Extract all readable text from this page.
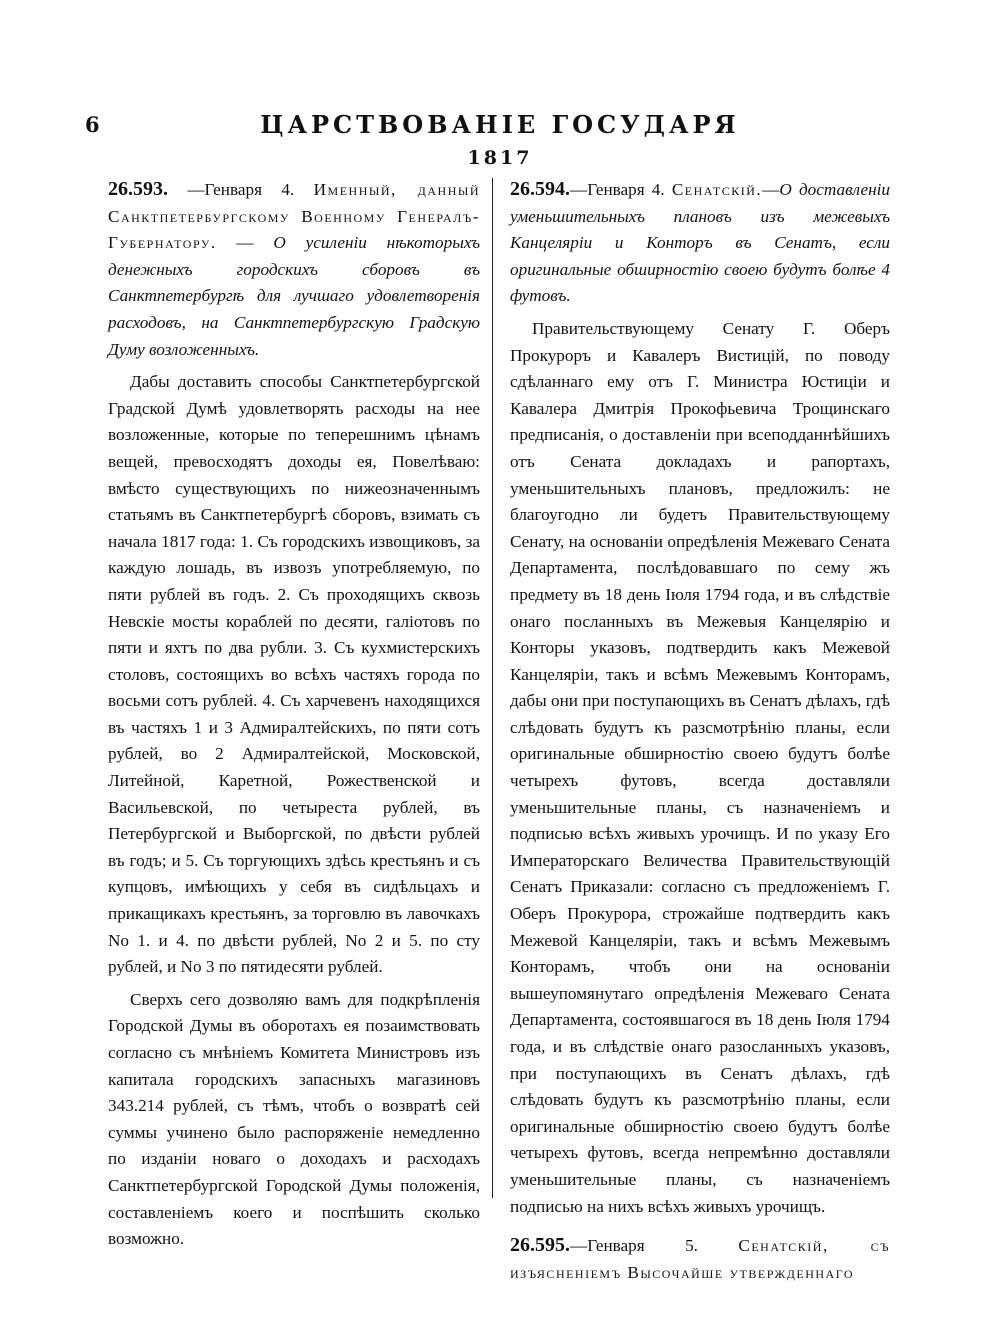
6	ЦАРСТВОВАНІЕ ГОСУДАРЯ
1817

26.593. —Генваря 4. Именный, данный Санктпетербургскому Военному Генералъ-Губернатору. — О усиленіи нѣкоторыхъ денежныхъ городскихъ сборовъ въ Санктпетербургѣ для лучшаго удовлетворенія расходовъ, на Санктпетербургскую Градскую Думу возложенныхъ.

Дабы доставить способы Санктпетербургской Градской Думѣ удовлетворять расходы на нее возложенные, которые по теперешнимъ цѣнамъ вещей, превосходятъ доходы ея, Повелѣваю: вмѣсто существующихъ по нижеозначеннымъ статьямъ въ Санктпетербургѣ сборовъ, взимать съ начала 1817 года: 1. Съ городскихъ извощиковъ, за каждую лошадь, въ извозъ употребляемую, по пяти рублей въ годъ. 2. Съ проходящихъ сквозь Невскіе мосты кораблей по десяти, галіотовъ по пяти и яхтъ по два рубли. 3. Съ кухмистерскихъ столовъ, состоящихъ во всѣхъ частяхъ города по восьми сотъ рублей. 4. Съ харчевенъ находящихся въ частяхъ 1 и 3 Адмиралтейскихъ, по пяти сотъ рублей, во 2 Адмиралтейской, Московской, Литейной, Каретной, Рожественской и Васильевской, по четыреста рублей, въ Петербургской и Выборгской, по двѣсти рублей въ годъ; и 5. Съ торгующихъ здѣсь крестьянъ и съ купцовъ, имѣющихъ у себя въ сидѣльцахъ и прикащикахъ крестьянъ, за торговлю въ лавочкахъ No 1. и 4. по двѣсти рублей, No 2 и 5. по сту рублей, и No 3 по пятидесяти рублей.

Сверхъ сего дозволяю вамъ для подкрѣпленія Городской Думы въ оборотахъ ея позаимствовать согласно съ мнѣніемъ Комитета Министровъ изъ капитала городскихъ запасныхъ магазиновъ 343.214 рублей, съ тѣмъ, чтобъ о возвратѣ сей суммы учинено было распоряженіе немедленно по изданіи новаго о доходахъ и расходахъ Санктпетербургской Городской Думы положенія, составленіемъ коего и поспѣшить сколько возможно.

26.594.—Генваря 4. Сенатскій.—О доставленіи уменьшительныхъ плановъ изъ межевыхъ Канцеляріи и Конторъ въ Сенатъ, если оригинальные обширностію своею будутъ болѣе 4 футовъ.

Правительствующему Сенату Г. Оберъ Прокуроръ и Кавалеръ Вистицій, по поводу сдѣланнаго ему отъ Г. Министра Юстиціи и Кавалера Дмитрія Прокофьевича Трощинскаго предписанія, о доставленіи при всеподданнѣйшихъ отъ Сената докладахъ и рапортахъ, уменьшительныхъ плановъ, предложилъ: не благоугодно ли будетъ Правительствующему Сенату, на основаніи опредѣленія Межеваго Сената Департамента, послѣдовавшаго по сему жъ предмету въ 18 день Іюля 1794 года, и въ слѣдствіе онаго посланныхъ въ Межевыя Канцелярію и Конторы указовъ, подтвердить какъ Межевой Канцеляріи, такъ и всѣмъ Межевымъ Конторамъ, дабы они при поступающихъ въ Сенатъ дѣлахъ, гдѣ слѣдовать будутъ къ разсмотрѣнію планы, если оригинальные обширностію своею будутъ болѣе четырехъ футовъ, всегда доставляли уменьшительные планы, съ назначеніемъ и подписью всѣхъ живыхъ урочищъ. И по указу Его Императорскаго Величества Правительствующій Сенатъ Приказали: согласно съ предложеніемъ Г. Оберъ Прокурора, строжайше подтвердить какъ Межевой Канцеляріи, такъ и всѣмъ Межевымъ Конторамъ, чтобъ они на основаніи вышеупомянутаго опредѣленія Межеваго Сената Департамента, состоявшагося въ 18 день Іюля 1794 года, и въ слѣдствіе онаго разосланныхъ указовъ, при поступающихъ въ Сенатъ дѣлахъ, гдѣ слѣдовать будутъ къ разсмотрѣнію планы, если оригинальные обширностію своею будутъ болѣе четырехъ футовъ, всегда непремѣнно доставляли уменьшительные планы, съ назначеніемъ подписью на нихъ всѣхъ живыхъ урочищъ.

26.595.—Генваря 5. Сенатскій, съ изъясненіемъ Высочайше утвержденнаго
